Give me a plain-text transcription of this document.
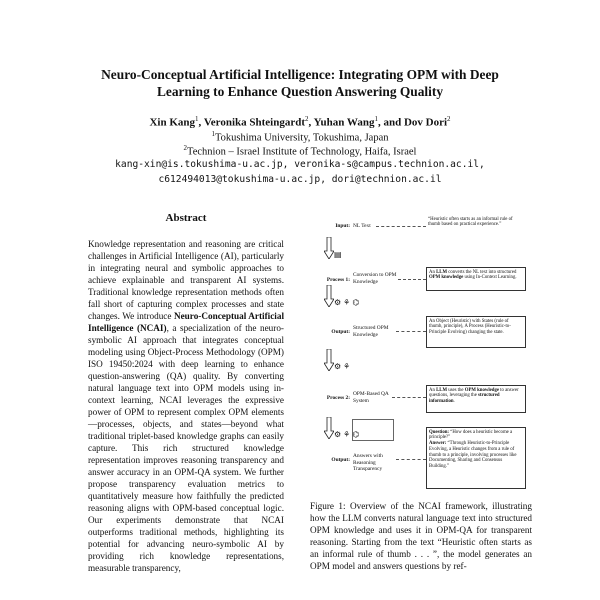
Neuro-Conceptual Artificial Intelligence: Integrating OPM with Deep
Learning to Enhance Question Answering Quality
Xin Kang$^1$, Veronika Shteingardt$^2$, Yuhan Wang$^1$, and Dov Dori$^2$
$^1$Tokushima University, Tokushima, Japan
$^2$Technion – Israel Institute of Technology, Haifa, Israel
kang-xin@is.tokushima-u.ac.jp, veronika-s@campus.technion.ac.il,
c612494013@tokushima-u.ac.jp, dori@technion.ac.il
Abstract

Knowledge representation and reasoning are critical challenges in Artificial Intelligence (AI), particularly in integrating neural and symbolic approaches to achieve explainable and transparent AI systems. Traditional knowledge representation methods often fall short of capturing complex processes and state changes. We introduce Neuro-Conceptual Artificial Intelligence (NCAI), a specialization of the neuro-symbolic AI approach that integrates conceptual modeling using Object-Process Methodology (OPM) ISO 19450:2024 with deep learning to enhance question-answering (QA) quality. By converting natural language text into OPM models using in-context learning, NCAI leverages the expressive power of OPM to represent complex OPM elements—processes, objects, and states—beyond what traditional triplet-based knowledge graphs can easily capture. This rich structured knowledge representation improves reasoning transparency and answer accuracy in an OPM-QA system. We further propose transparency evaluation metrics to quantitatively measure how faithfully the predicted reasoning aligns with OPM-based conceptual logic. Our experiments demonstrate that NCAI outperforms traditional methods, highlighting its potential for advancing neuro-symbolic AI by providing rich knowledge representations, measurable transparency,

Input: NL Text
“Heuristic often starts as an informal rule of thumb based on practical experience.”
▤
Process 1:
Conversion to OPM Knowledge
An LLM converts the NL text into structured OPM knowledge using In-Context Learning.
⚙ ⚘ ⌬
Output:
Structured OPM Knowledge
An Object (Heuristic) with States (rule of thumb, principle), A Process (Heuristic-to-Principle Evolving) changing the state.
⚙ ⚘
Process 2:
OPM-Based QA System
An LLM uses the OPM knowledge to answer questions, leveraging the structured information.
⚙ ⚘ ⌬
Output:
Answers with Reasoning Transparency
Question: “How does a heuristic become a principle?”
Answer: “Through Heuristic-to-Principle Evolving, a Heuristic changes from a rule of thumb to a principle, involving processes like Documenting, Sharing and Consensus Building.”
Figure 1: Overview of the NCAI framework, illustrating how the LLM converts natural language text into structured OPM knowledge and uses it in OPM-QA for transparent reasoning. Starting from the text “Heuristic often starts as an informal rule of thumb . . . ”, the model generates an OPM model and answers questions by ref-
